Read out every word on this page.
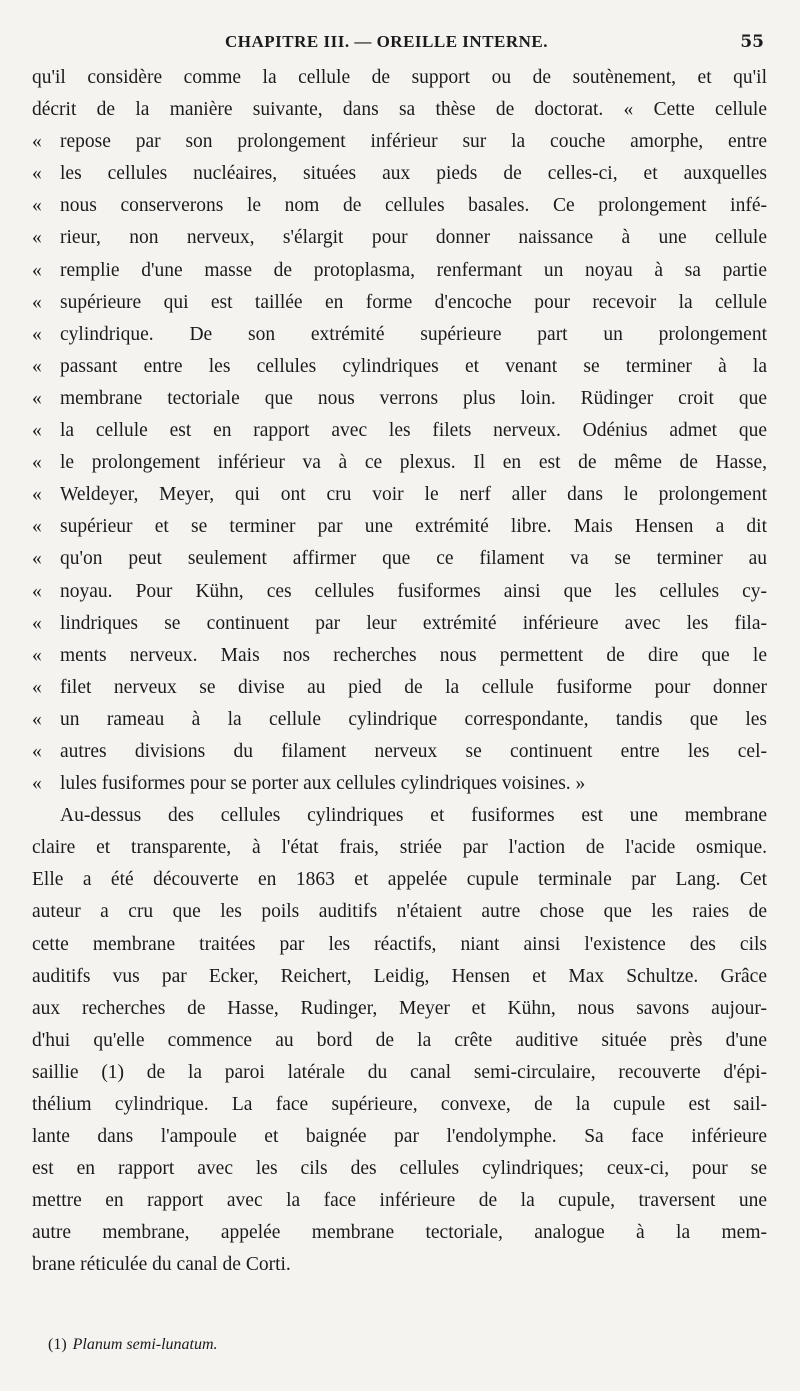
CHAPITRE III. — OREILLE INTERNE.	55
qu'il considère comme la cellule de support ou de soutènement, et qu'il
décrit de la manière suivante, dans sa thèse de doctorat. « Cette cellule
« repose par son prolongement inférieur sur la couche amorphe, entre
« les cellules nucléaires, situées aux pieds de celles-ci, et auxquelles
« nous conserverons le nom de cellules basales. Ce prolongement infé-
« rieur, non nerveux, s'élargit pour donner naissance à une cellule
« remplie d'une masse de protoplasma, renfermant un noyau à sa partie
« supérieure qui est taillée en forme d'encoche pour recevoir la cellule
« cylindrique. De son extrémité supérieure part un prolongement
« passant entre les cellules cylindriques et venant se terminer à la
« membrane tectoriale que nous verrons plus loin. Rüdinger croit que
« la cellule est en rapport avec les filets nerveux. Odénius admet que
« le prolongement inférieur va à ce plexus. Il en est de même de Hasse,
« Weldeyer, Meyer, qui ont cru voir le nerf aller dans le prolongement
« supérieur et se terminer par une extrémité libre. Mais Hensen a dit
« qu'on peut seulement affirmer que ce filament va se terminer au
« noyau. Pour Kühn, ces cellules fusiformes ainsi que les cellules cy-
« lindriques se continuent par leur extrémité inférieure avec les fila-
« ments nerveux. Mais nos recherches nous permettent de dire que le
« filet nerveux se divise au pied de la cellule fusiforme pour donner
« un rameau à la cellule cylindrique correspondante, tandis que les
« autres divisions du filament nerveux se continuent entre les cel-
« lules fusiformes pour se porter aux cellules cylindriques voisines. »
Au-dessus des cellules cylindriques et fusiformes est une membrane
claire et transparente, à l'état frais, striée par l'action de l'acide osmique.
Elle a été découverte en 1863 et appelée cupule terminale par Lang. Cet
auteur a cru que les poils auditifs n'étaient autre chose que les raies de
cette membrane traitées par les réactifs, niant ainsi l'existence des cils
auditifs vus par Ecker, Reichert, Leidig, Hensen et Max Schultze. Grâce
aux recherches de Hasse, Rudinger, Meyer et Kühn, nous savons aujour-
d'hui qu'elle commence au bord de la crête auditive située près d'une
saillie (1) de la paroi latérale du canal semi-circulaire, recouverte d'épi-
thélium cylindrique. La face supérieure, convexe, de la cupule est sail-
lante dans l'ampoule et baignée par l'endolymphe. Sa face inférieure
est en rapport avec les cils des cellules cylindriques; ceux-ci, pour se
mettre en rapport avec la face inférieure de la cupule, traversent une
autre membrane, appelée membrane tectoriale, analogue à la mem-
brane réticulée du canal de Corti.
(1) Planum semi-lunatum.
